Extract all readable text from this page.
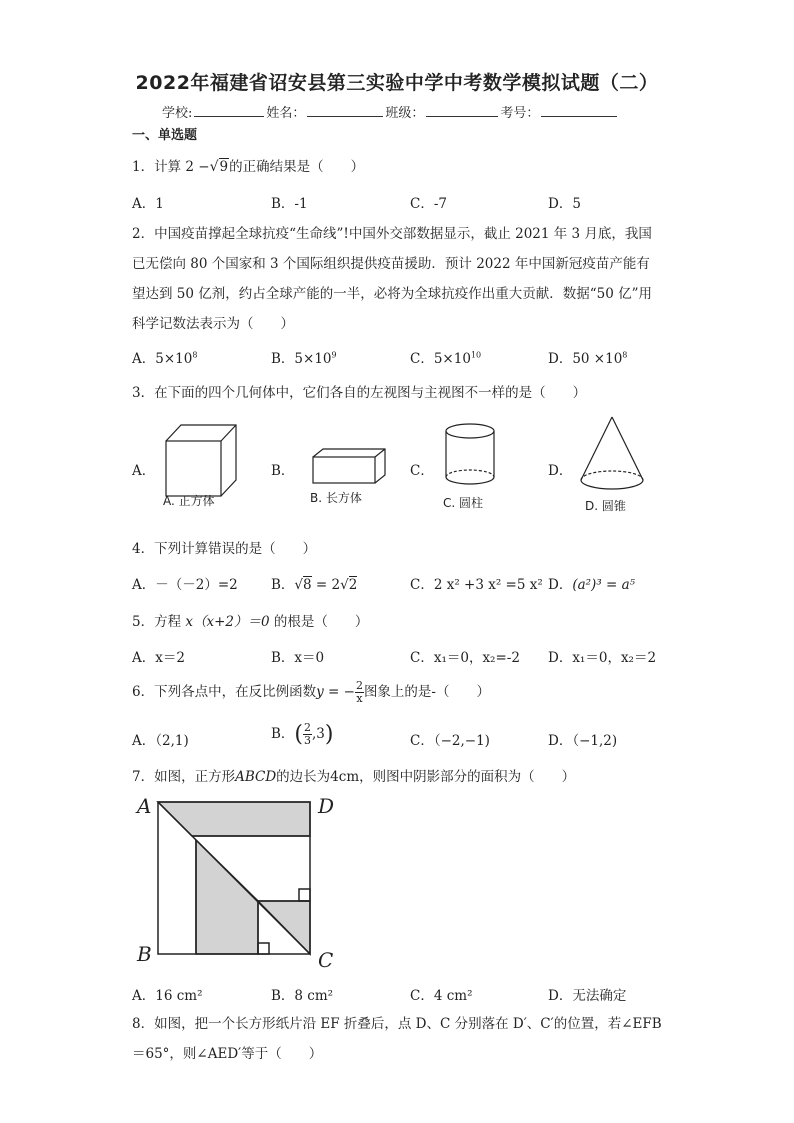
2022年福建省诏安县第三实验中学中考数学模拟试题（二）
学校:	姓名：	班级：	考号：
一、单选题
1．计算 2 −√9的正确结果是（　　）
A．1	B．-1	C．-7	D．5
2．中国疫苗撑起全球抗疫“生命线”!中国外交部数据显示，截止 2021 年 3 月底，我国
已无偿向 80 个国家和 3 个国际组织提供疫苗援助．预计 2022 年中国新冠疫苗产能有
望达到 50 亿剂，约占全球产能的一半，必将为全球抗疫作出重大贡献．数据“50 亿”用
科学记数法表示为（　　）
A．$5\times 10^8$	B．$5\times 10^9$	C．$5\times 10^{10}$	D．$50 \times 10^8$
3．在下面的四个几何体中，它们各自的左视图与主视图不一样的是（　　）
A．	B．	C．	D．
A. 正方体	B. 长方体	C. 圆柱	D. 圆锥
4．下列计算错误的是（　　）
A．－（－2）=2 B．√8 = 2√2	C．2 x² +3 x² =5 x² D．(a²)³ = a⁵
5．方程 x（x+2）＝0 的根是（　　）
A．x＝2	B．x＝0	C．x₁＝0，x₂=-2 D．x₁＝0，x₂＝2
6．下列各点中，在反比例函数y = − $\frac{2}{x}$ 图象上的是-（　　）
A．（2,1)	B．( $\frac{2}{3} ,3$)	C．（−2,−1)	D．（−1,2)
7．如图，正方形ABCD的边长为4cm，则图中阴影部分的面积为（　　）
A	D
B	C
A．16 cm²	B．8 cm²	C．4 cm²	D．无法确定
8．如图，把一个长方形纸片沿 EF 折叠后，点 D、C 分别落在 D′、C′的位置，若∠EFB
＝65°，则∠AED′等于（　　）
